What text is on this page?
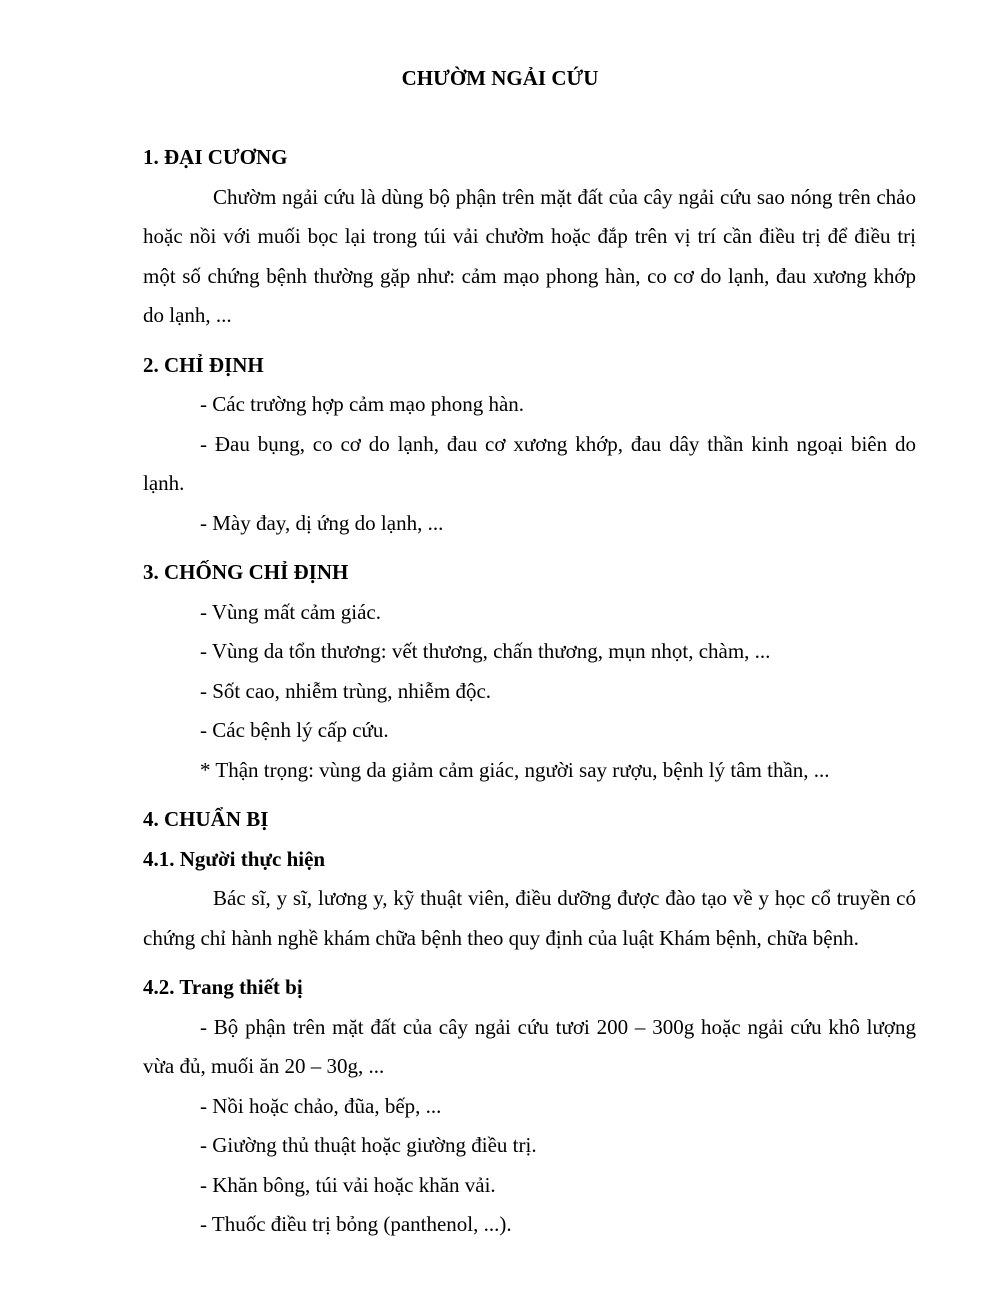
CHƯỜM NGẢI CỨU

1. ĐẠI CƯƠNG

Chườm ngải cứu là dùng bộ phận trên mặt đất của cây ngải cứu sao nóng trên chảo hoặc nồi với muối bọc lại trong túi vải chườm hoặc đắp trên vị trí cần điều trị để điều trị một số chứng bệnh thường gặp như: cảm mạo phong hàn, co cơ do lạnh, đau xương khớp do lạnh, ...

2. CHỈ ĐỊNH

- Các trường hợp cảm mạo phong hàn.

- Đau bụng, co cơ do lạnh, đau cơ xương khớp, đau dây thần kinh ngoại biên do lạnh.

- Mày đay, dị ứng do lạnh, ...

3. CHỐNG CHỈ ĐỊNH

- Vùng mất cảm giác.

- Vùng da tổn thương: vết thương, chấn thương, mụn nhọt, chàm, ...

- Sốt cao, nhiễm trùng, nhiễm độc.

- Các bệnh lý cấp cứu.

* Thận trọng: vùng da giảm cảm giác, người say rượu, bệnh lý tâm thần, ...

4. CHUẨN BỊ

4.1. Người thực hiện

Bác sĩ, y sĩ, lương y, kỹ thuật viên, điều dưỡng được đào tạo về y học cổ truyền có chứng chỉ hành nghề khám chữa bệnh theo quy định của luật Khám bệnh, chữa bệnh.

4.2. Trang thiết bị

- Bộ phận trên mặt đất của cây ngải cứu tươi 200 – 300g hoặc ngải cứu khô lượng vừa đủ, muối ăn 20 – 30g, ...

- Nồi hoặc chảo, đũa, bếp, ...

- Giường thủ thuật hoặc giường điều trị.

- Khăn bông, túi vải hoặc khăn vải.

- Thuốc điều trị bỏng (panthenol, ...).
